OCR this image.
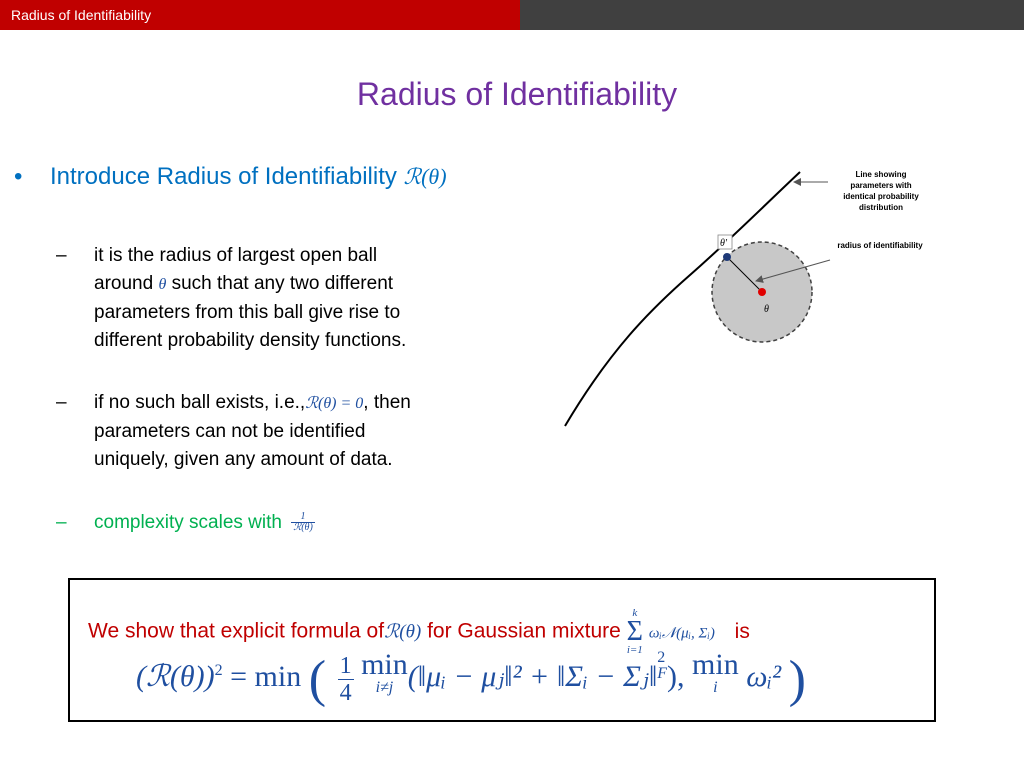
Radius of Identifiability
Radius of Identifiability
•	Introduce Radius of Identifiability ℛ(θ)
– it is the radius of largest open ball
around θ such that any two different
parameters from this ball give rise to
different probability density functions.
– if no such ball exists, i.e.,ℛ(θ) = 0, then
parameters can not be identified
uniquely, given any amount of data.
– complexity scales with $\frac{1}{\text{ℛ(θ)}}$
θ'
θ
Line showing
parameters with
identical probability
distribution
radius of identifiability
We show that explicit formula ofℛ(θ) for Gaussian mixture
k
Σ
i=1
ωᵢ𝒩(μᵢ, Σᵢ) is
(ℛ(θ))$^2$ = min ( $\frac{1}{4}$
min
i≠j (‖μᵢ − μⱼ‖² + ‖Σᵢ − Σⱼ‖
2
F ), min
i ωᵢ² )
